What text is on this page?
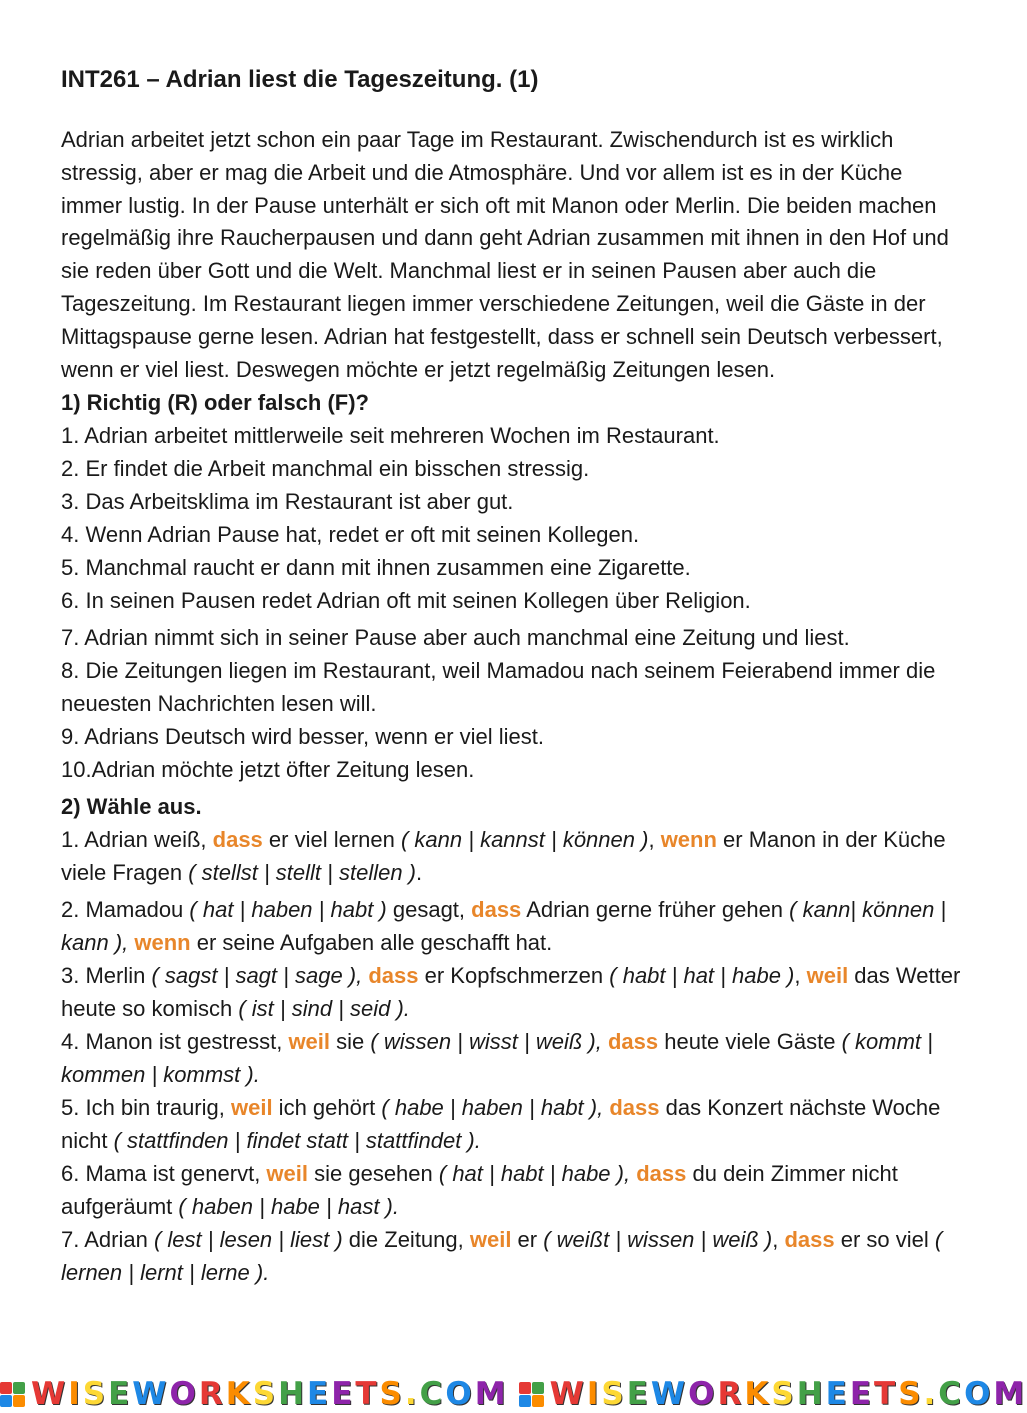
INT261 – Adrian liest die Tageszeitung. (1)

Adrian arbeitet jetzt schon ein paar Tage im Restaurant. Zwischendurch ist es wirklich stressig, aber er mag die Arbeit und die Atmosphäre. Und vor allem ist es in der Küche immer lustig. In der Pause unterhält er sich oft mit Manon oder Merlin. Die beiden machen regelmäßig ihre Raucherpausen und dann geht Adrian zusammen mit ihnen in den Hof und sie reden über Gott und die Welt. Manchmal liest er in seinen Pausen aber auch die Tageszeitung. Im Restaurant liegen immer verschiedene Zeitungen, weil die Gäste in der Mittagspause gerne lesen. Adrian hat festgestellt, dass er schnell sein Deutsch verbessert, wenn er viel liest. Deswegen möchte er jetzt regelmäßig Zeitungen lesen.

1) Richtig (R) oder falsch (F)?

1. Adrian arbeitet mittlerweile seit mehreren Wochen im Restaurant.

2. Er findet die Arbeit manchmal ein bisschen stressig.

3. Das Arbeitsklima im Restaurant ist aber gut.

4. Wenn Adrian Pause hat, redet er oft mit seinen Kollegen.

5. Manchmal raucht er dann mit ihnen zusammen eine Zigarette.

6. In seinen Pausen redet Adrian oft mit seinen Kollegen über Religion.

7. Adrian nimmt sich in seiner Pause aber auch manchmal eine Zeitung und liest.

8. Die Zeitungen liegen im Restaurant, weil Mamadou nach seinem Feierabend immer die neuesten Nachrichten lesen will.

9. Adrians Deutsch wird besser, wenn er viel liest.

10.Adrian möchte jetzt öfter Zeitung lesen.

2) Wähle aus.

1. Adrian weiß, dass er viel lernen ( kann | kannst | können ), wenn er Manon in der Küche viele Fragen ( stellst | stellt | stellen ).

2. Mamadou ( hat | haben | habt ) gesagt, dass Adrian gerne früher gehen ( kann| können | kann ), wenn er seine Aufgaben alle geschafft hat.

3. Merlin ( sagst | sagt | sage ), dass er Kopfschmerzen ( habt | hat | habe ), weil das Wetter heute so komisch ( ist | sind | seid ).

4. Manon ist gestresst, weil sie ( wissen | wisst | weiß ), dass heute viele Gäste ( kommt | kommen | kommst ).

5. Ich bin traurig, weil ich gehört ( habe | haben | habt ), dass das Konzert nächste Woche nicht ( stattfinden | findet statt | stattfindet ).

6. Mama ist genervt, weil sie gesehen ( hat | habt | habe ), dass du dein Zimmer nicht aufgeräumt ( haben | habe | hast ).

7. Adrian ( lest | lesen | liest ) die Zeitung, weil er ( weißt | wissen | weiß ), dass er so viel ( lernen | lernt | lerne ).

WISEWORKSHEETS.COM WISEWORKSHEETS.COM
